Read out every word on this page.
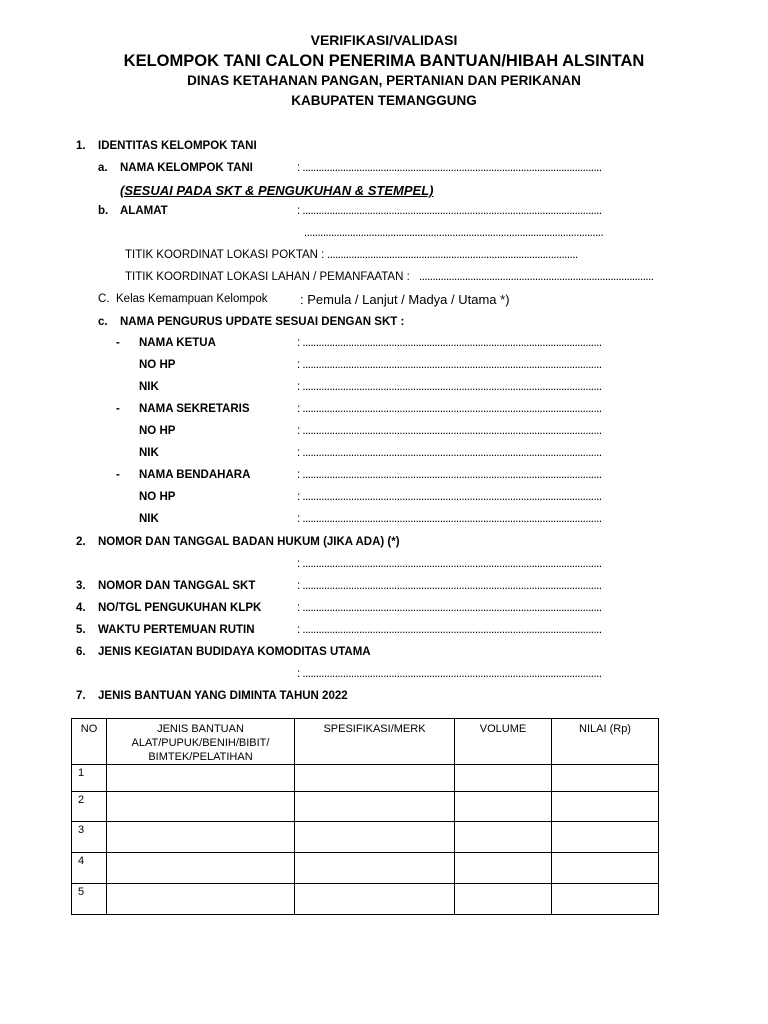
VERIFIKASI/VALIDASI
KELOMPOK TANI CALON PENERIMA BANTUAN/HIBAH ALSINTAN
DINAS KETAHANAN PANGAN, PERTANIAN DAN PERIKANAN
KABUPATEN TEMANGGUNG
1. IDENTITAS KELOMPOK TANI
a. NAMA KELOMPOK TANI	: ...............................................................................................................
(SESUAI PADA SKT & PENGUKUHAN & STEMPEL)
b. ALAMAT	: ...............................................................................................................
...............................................................................................................
TITIK KOORDINAT LOKASI POKTAN : .............................................................................................
TITIK KOORDINAT LOKASI LAHAN / PEMANFAATAN : .......................................................................................
C. Kelas Kemampuan Kelompok	: Pemula / Lanjut / Madya / Utama *)
c. NAMA PENGURUS UPDATE SESUAI DENGAN SKT :
- NAMA KETUA	: ...............................................................................................................
NO HP	: ...............................................................................................................
NIK	: ...............................................................................................................
- NAMA SEKRETARIS	: ...............................................................................................................
NO HP	: ...............................................................................................................
NIK	: ...............................................................................................................
- NAMA BENDAHARA	: ...............................................................................................................
NO HP	: ...............................................................................................................
NIK	: ...............................................................................................................
2. NOMOR DAN TANGGAL BADAN HUKUM (JIKA ADA) (*)
: ...............................................................................................................
3. NOMOR DAN TANGGAL SKT	: ...............................................................................................................
4. NO/TGL PENGUKUHAN KLPK	: ...............................................................................................................
5. WAKTU PERTEMUAN RUTIN	: ...............................................................................................................
6. JENIS KEGIATAN BUDIDAYA KOMODITAS UTAMA
: ...............................................................................................................
7. JENIS BANTUAN YANG DIMINTA TAHUN 2022
NO	JENIS BANTUAN ALAT/PUPUK/BENIH/BIBIT/ BIMTEK/PELATIHAN	SPESIFIKASI/MERK	VOLUME	NILAI (Rp)
1				
2				
3				
4				
5				
